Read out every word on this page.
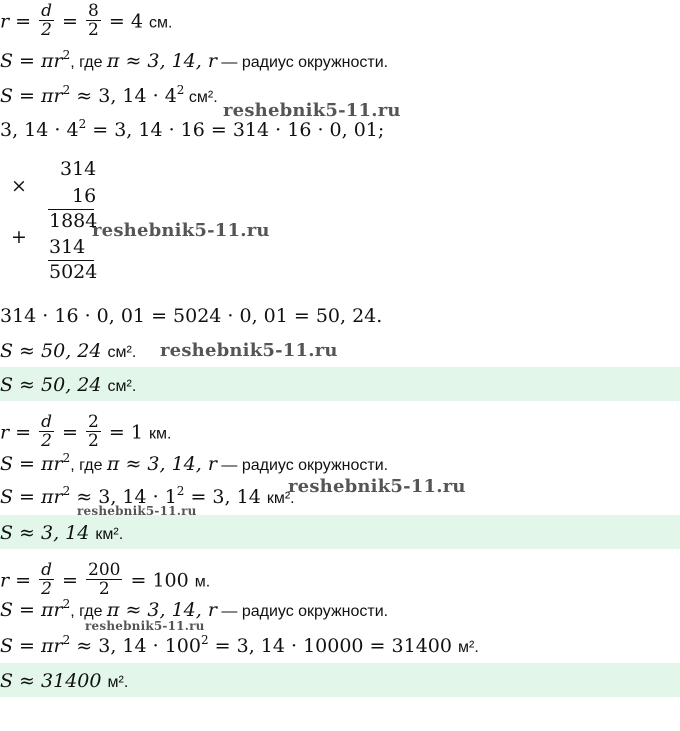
$r = \frac{d}{2} = \frac{8}{2} = 4$ см.
$S = \pi r^2$, где π ≈ 3, 14, r — радиус окружности.
$S = \pi r^2 \approx 3$, $14 \cdot 4^2$ см².
reshebnik5-11.ru
3, $14 \cdot 4^2 = 3$, 14 · 16 = 314 · 16 · 0, 01;
×
314
16
1884
+ 314
5024
reshebnik5-11.ru
314 · 16 · 0, 01 = 5024 · 0, 01 = 50, 24.
S ≈ 50, 24 см². reshebnik5-11.ru
S ≈ 50, 24 см².
$r = \frac{d}{2} = \frac{2}{2} = 1$ км.
$S = \pi r^2$, где π ≈ 3, 14, r — радиус окружности.
$S = \pi r^2 \approx 3$, $14 \cdot 1^2 = 3$, 14 км².
reshebnik5-11.ru
reshebnik5-11.ru
S ≈ 3, 14 км².
$r = \frac{d}{2} = \frac{200}{2} = 100$ м.
$S = \pi r^2$, где π ≈ 3, 14, r — радиус окружности.
reshebnik5-11.ru
$S = \pi r^2 \approx 3$, $14 \cdot 100^2 = 3$, 14 · 10000 = 31400 м².
S ≈ 31400 м².
